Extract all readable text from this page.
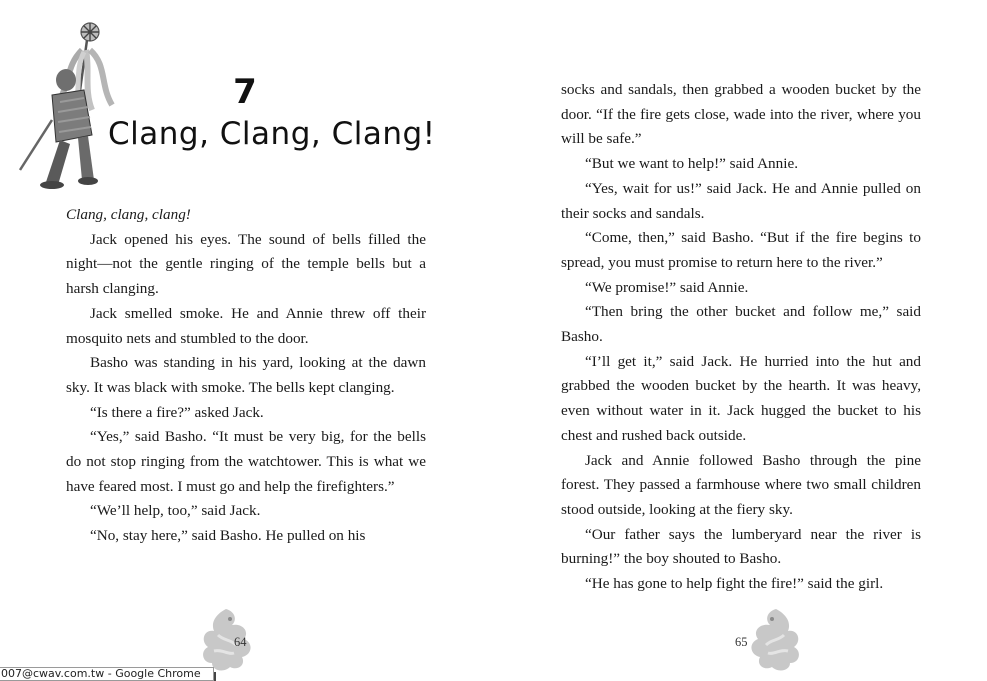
7
Clang, Clang, Clang!

Clang, clang, clang!

Jack opened his eyes. The sound of bells filled the night—not the gentle ringing of the temple bells but a harsh clanging.

Jack smelled smoke. He and Annie threw off their mosquito nets and stumbled to the door.

Basho was standing in his yard, looking at the dawn sky. It was black with smoke. The bells kept clanging.

“Is there a fire?” asked Jack.

“Yes,” said Basho. “It must be very big, for the bells do not stop ringing from the watchtower. This is what we have feared most. I must go and help the firefighters.”

“We’ll help, too,” said Jack.

“No, stay here,” said Basho. He pulled on his

64

socks and sandals, then grabbed a wooden bucket by the door. “If the fire gets close, wade into the river, where you will be safe.”

“But we want to help!” said Annie.

“Yes, wait for us!” said Jack. He and Annie pulled on their socks and sandals.

“Come, then,” said Basho. “But if the fire begins to spread, you must promise to return here to the river.”

“We promise!” said Annie.

“Then bring the other bucket and follow me,” said Basho.

“I’ll get it,” said Jack. He hurried into the hut and grabbed the wooden bucket by the hearth. It was heavy, even without water in it. Jack hugged the bucket to his chest and rushed back outside.

Jack and Annie followed Basho through the pine forest. They passed a farmhouse where two small children stood outside, looking at the fiery sky.

“Our father says the lumberyard near the river is burning!” the boy shouted to Basho.

“He has gone to help fight the fire!” said the girl.

65
007@cwav.com.tw - Google Chrome
